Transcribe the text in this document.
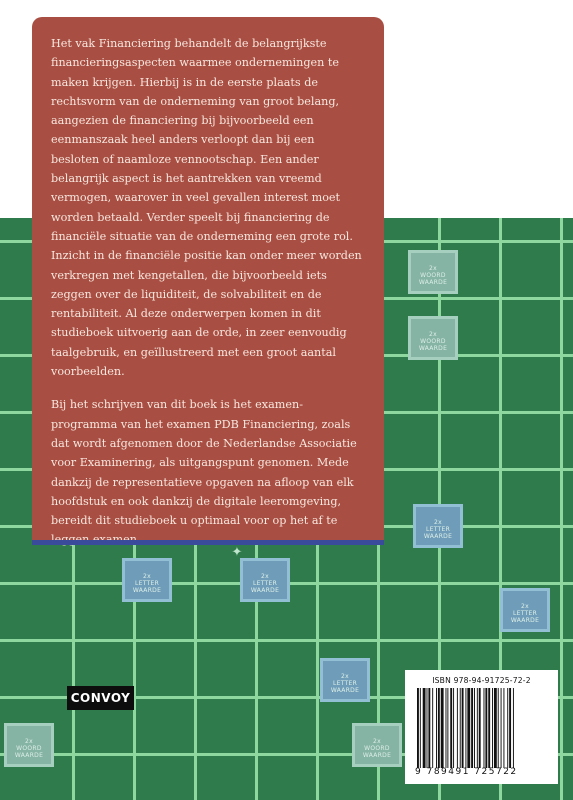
2x
WOORD
WAARDE
2x
WOORD
WAARDE
2x
LETTER
WAARDE
2x
LETTER
WAARDE
2x
LETTER
WAARDE
2x
LETTER
WAARDE
2x
LETTER
WAARDE
2x
WOORD
WAARDE
2x
WOORD
WAARDE

Het vak Financiering behandelt de belangrijkste financieringsaspecten waarmee ondernemingen te maken krijgen. Hierbij is in de eerste plaats de rechtsvorm van de onderneming van groot belang, aangezien de financiering bij bijvoorbeeld een eenmanszaak heel anders verloopt dan bij een besloten of naamloze vennootschap. Een ander belangrijk aspect is het aantrekken van vreemd vermogen, waarover in veel gevallen interest moet worden betaald. Verder speelt bij financiering de financiële situatie van de onderneming een grote rol. Inzicht in de financiële positie kan onder meer worden verkregen met kengetallen, die bijvoorbeeld iets zeggen over de liquiditeit, de solvabiliteit en de rentabiliteit. Al deze onderwerpen komen in dit studieboek uitvoerig aan de orde, in zeer eenvoudig taalgebruik, en geïllustreerd met een groot aantal voorbeelden.

Bij het schrijven van dit boek is het examen- programma van het examen PDB Financiering, zoals dat wordt afgenomen door de Nederlandse Associatie voor Examinering, als uitgangspunt genomen. Mede dankzij de representatieve opgaven na afloop van elk hoofdstuk en ook dankzij de digitale leeromgeving, bereidt dit studieboek u optimaal voor op het af te

✦
CONVOY
ISBN 978-94-91725-72-2
9 789491 725722
